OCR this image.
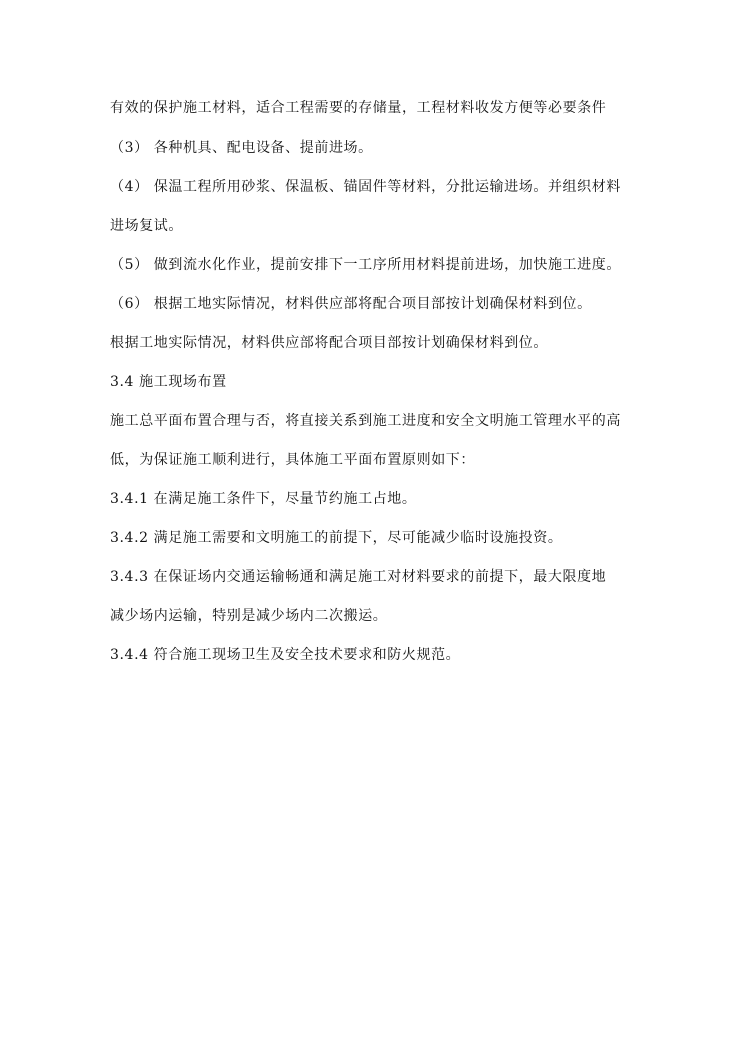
有效的保护施工材料，适合工程需要的存储量，工程材料收发方便等必要条件
（3） 各种机具、配电设备、提前进场。
（4） 保温工程所用砂浆、保温板、锚固件等材料，分批运输进场。并组织材料
进场复试。
（5） 做到流水化作业，提前安排下一工序所用材料提前进场，加快施工进度。
（6） 根据工地实际情况，材料供应部将配合项目部按计划确保材料到位。
根据工地实际情况，材料供应部将配合项目部按计划确保材料到位。
3.4 施工现场布置
施工总平面布置合理与否，将直接关系到施工进度和安全文明施工管理水平的高
低，为保证施工顺利进行，具体施工平面布置原则如下：
3.4.1 在满足施工条件下，尽量节约施工占地。
3.4.2 满足施工需要和文明施工的前提下，尽可能减少临时设施投资。
3.4.3 在保证场内交通运输畅通和满足施工对材料要求的前提下，最大限度地
减少场内运输，特别是减少场内二次搬运。
3.4.4 符合施工现场卫生及安全技术要求和防火规范。
